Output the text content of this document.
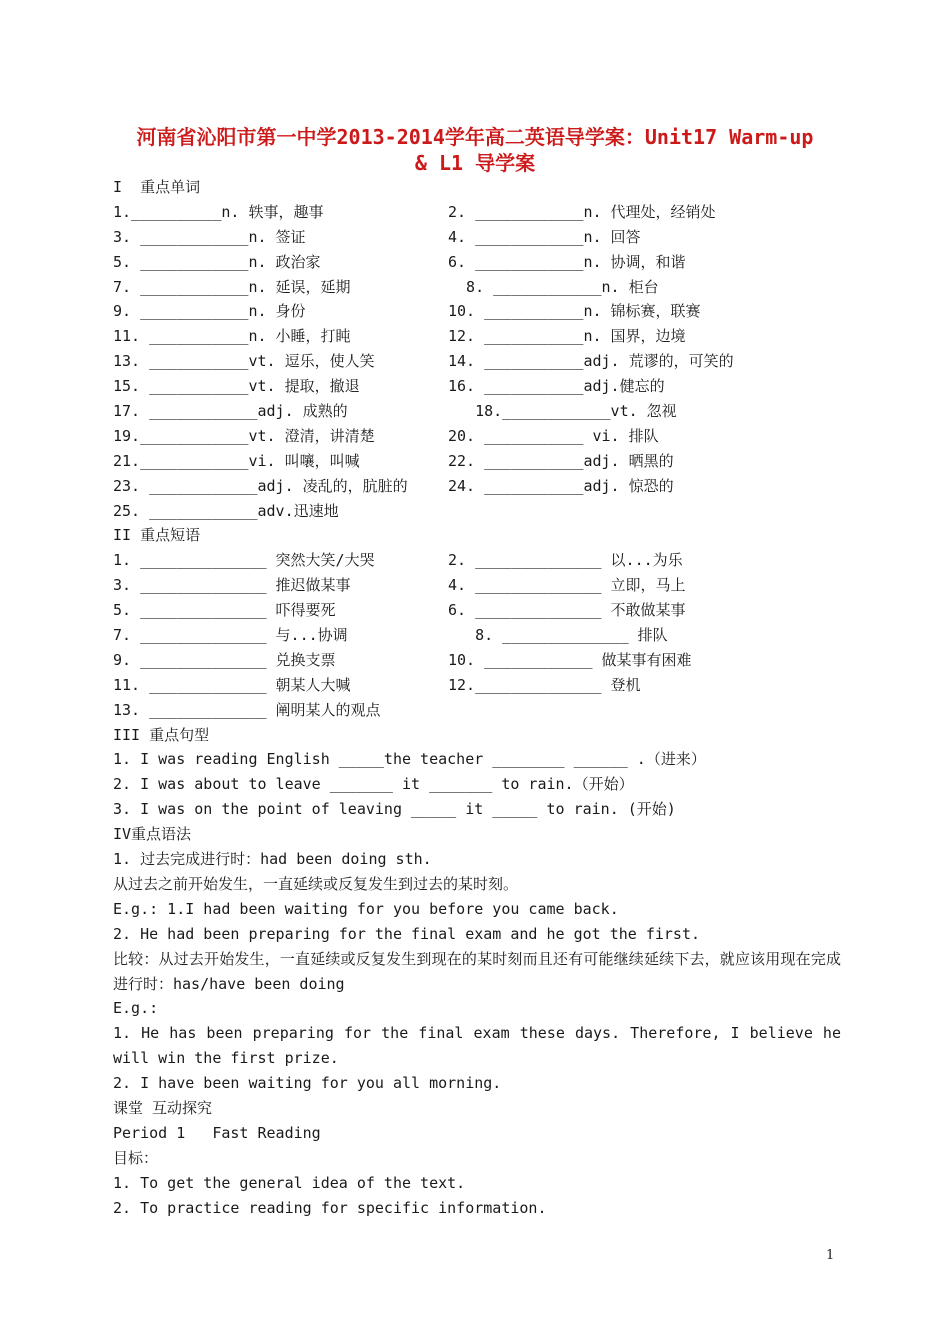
河南省沁阳市第一中学2013-2014学年高二英语导学案：Unit17 Warm-up
& L1 导学案
I  重点单词
1.__________n. 轶事，趣事	2. ____________n. 代理处，经销处
3. ____________n. 签证	4. ____________n. 回答
5. ____________n. 政治家	6. ____________n. 协调，和谐
7. ____________n. 延误，延期	8. ____________n. 柜台
9. ____________n. 身份	10. ___________n. 锦标赛，联赛
11. ___________n. 小睡，打盹	12. ___________n. 国界，边境
13. ___________vt. 逗乐，使人笑	14. ___________adj. 荒谬的，可笑的
15. ___________vt. 提取，撤退	16. ___________adj.健忘的
17. ____________adj. 成熟的	18.____________vt. 忽视
19.____________vt. 澄清，讲清楚	20. ___________ vi. 排队
21.____________vi. 叫嚷，叫喊	22. ___________adj. 晒黑的
23. ____________adj. 凌乱的，肮脏的	24. ___________adj. 惊恐的
25. ____________adv.迅速地
II 重点短语
1. ______________ 突然大笑/大哭	2. ______________ 以...为乐
3. ______________ 推迟做某事	4. ______________ 立即，马上
5. ______________ 吓得要死	6. ______________ 不敢做某事
7. ______________ 与...协调	8. ______________ 排队
9. ______________ 兑换支票	10. ____________ 做某事有困难
11. _____________ 朝某人大喊	12.______________ 登机
13. _____________ 阐明某人的观点
III 重点句型
1. I was reading English _____the teacher ________ ______ .（进来）
2. I was about to leave _______ it _______ to rain.（开始）
3. I was on the point of leaving _____ it _____ to rain. (开始)
IV重点语法
1. 过去完成进行时：had been doing sth.
从过去之前开始发生，一直延续或反复发生到过去的某时刻。
E.g.: 1.I had been waiting for you before you came back.
2. He had been preparing for the final exam and he got the first.
比较：从过去开始发生，一直延续或反复发生到现在的某时刻而且还有可能继续延续下去，就应该用现在完成进行时：has/have been doing
E.g.:
1. He has been preparing for the final exam these days. Therefore, I believe he will win the first prize.
2. I have been waiting for you all morning.
课堂 互动探究
Period 1   Fast Reading
目标：
1. To get the general idea of the text.
2. To practice reading for specific information.
1
